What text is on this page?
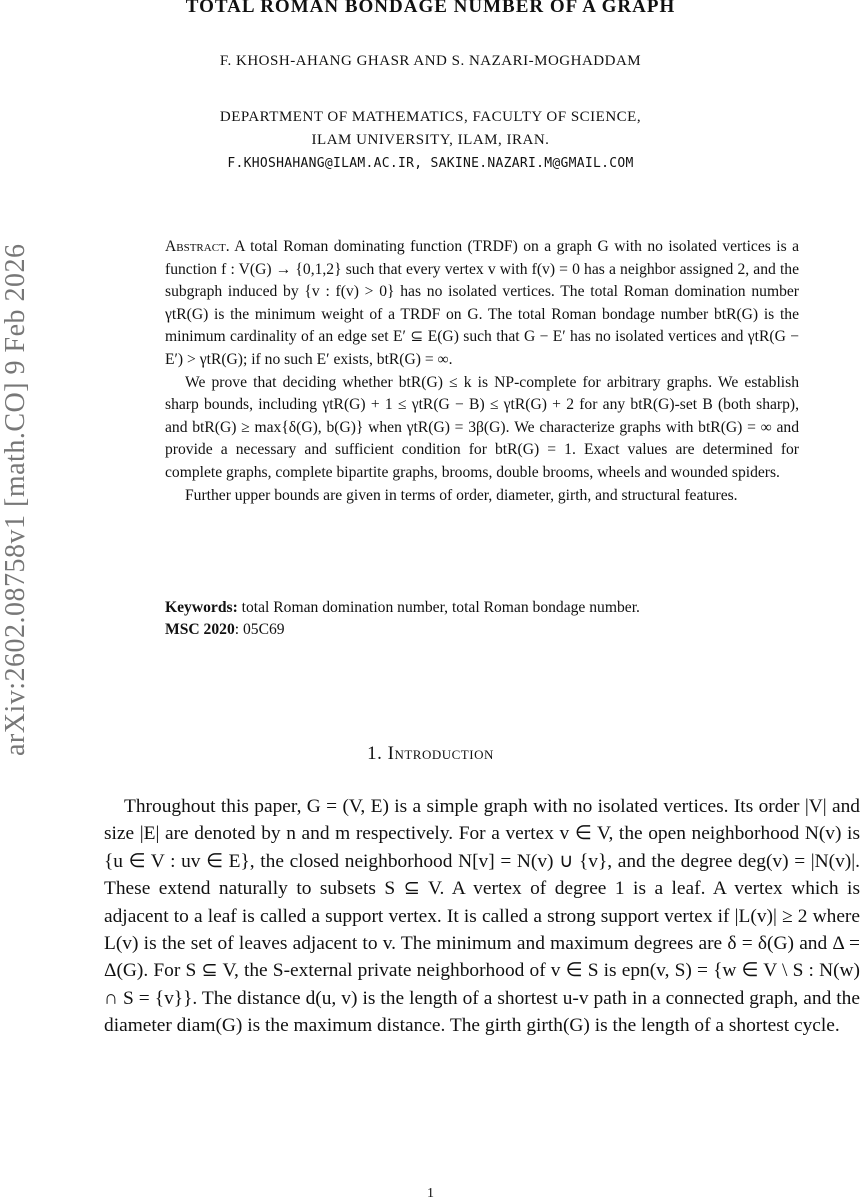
arXiv:2602.08758v1 [math.CO] 9 Feb 2026
TOTAL ROMAN BONDAGE NUMBER OF A GRAPH
F. KHOSH-AHANG GHASR AND S. NAZARI-MOGHADDAM
DEPARTMENT OF MATHEMATICS, FACULTY OF SCIENCE,
ILAM UNIVERSITY, ILAM, IRAN.
F.KHOSHAHANG@ILAM.AC.IR, SAKINE.NAZARI.M@GMAIL.COM

Abstract. A total Roman dominating function (TRDF) on a graph G with no isolated vertices is a function f : V(G) → {0,1,2} such that every vertex v with f(v) = 0 has a neighbor assigned 2, and the subgraph induced by {v : f(v) > 0} has no isolated vertices. The total Roman domination number γtR(G) is the minimum weight of a TRDF on G. The total Roman bondage number btR(G) is the minimum cardinality of an edge set E′ ⊆ E(G) such that G − E′ has no isolated vertices and γtR(G − E′) > γtR(G); if no such E′ exists, btR(G) = ∞.

We prove that deciding whether btR(G) ≤ k is NP-complete for arbitrary graphs. We establish sharp bounds, including γtR(G) + 1 ≤ γtR(G − B) ≤ γtR(G) + 2 for any btR(G)-set B (both sharp), and btR(G) ≥ max{δ(G), b(G)} when γtR(G) = 3β(G). We characterize graphs with btR(G) = ∞ and provide a necessary and sufficient condition for btR(G) = 1. Exact values are determined for complete graphs, complete bipartite graphs, brooms, double brooms, wheels and wounded spiders.

Further upper bounds are given in terms of order, diameter, girth, and structural features.

Keywords: total Roman domination number, total Roman bondage number.
MSC 2020: 05C69
1. Introduction

Throughout this paper, G = (V, E) is a simple graph with no isolated vertices. Its order |V| and size |E| are denoted by n and m respectively. For a vertex v ∈ V, the open neighborhood N(v) is {u ∈ V : uv ∈ E}, the closed neighborhood N[v] = N(v) ∪ {v}, and the degree deg(v) = |N(v)|. These extend naturally to subsets S ⊆ V. A vertex of degree 1 is a leaf. A vertex which is adjacent to a leaf is called a support vertex. It is called a strong support vertex if |L(v)| ≥ 2 where L(v) is the set of leaves adjacent to v. The minimum and maximum degrees are δ = δ(G) and Δ = Δ(G). For S ⊆ V, the S-external private neighborhood of v ∈ S is epn(v, S) = {w ∈ V \ S : N(w) ∩ S = {v}}. The distance d(u, v) is the length of a shortest u-v path in a connected graph, and the diameter diam(G) is the maximum distance. The girth girth(G) is the length of a shortest cycle.

1
